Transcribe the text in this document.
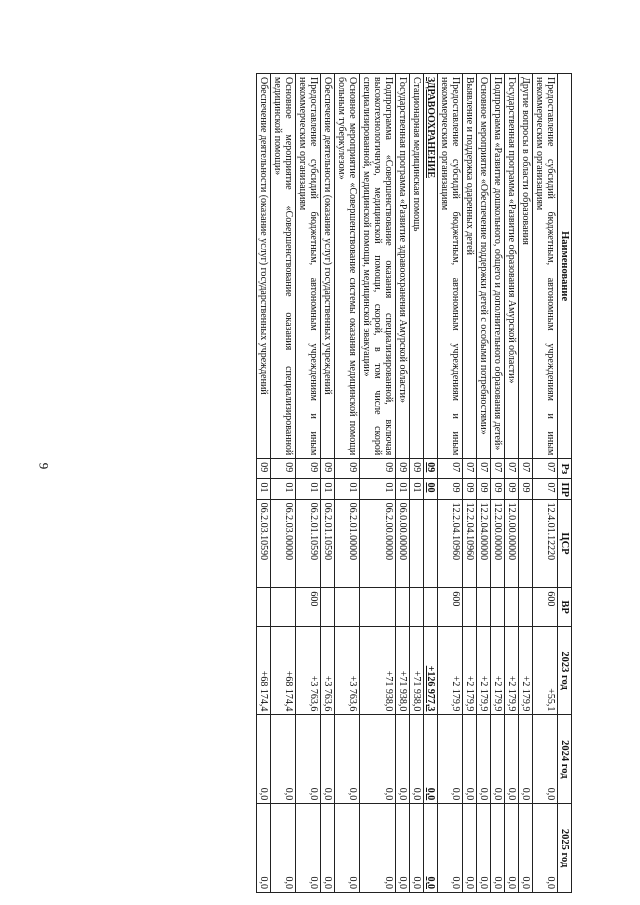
9
Наименование	Рз	ПР	ЦСР	ВР	2023 год	2024 год	2025 год
Предоставление субсидий бюджетным, автономным учреждениям и иным некоммерческим организациям	07	07	12.4.01.12220	600	+55,1	0,0	0,0
Другие вопросы в области образования	07	09			+2 179,9	0,0	0,0
Государственная программа «Развитие образования Амурской области»	07	09	12.0.00.00000		+2 179,9	0,0	0,0
Подпрограмма «Развитие дошкольного, общего и дополнительного образования детей»	07	09	12.2.00.00000		+2 179,9	0,0	0,0
Основное мероприятие «Обеспечение поддержки детей с особыми потребностями»	07	09	12.2.04.00000		+2 179,9	0,0	0,0
Выявление и поддержка одаренных детей	07	09	12.2.04.10960		+2 179,9	0,0	0,0
Предоставление субсидий бюджетным, автономным учреждениям и иным некоммерческим организациям	07	09	12.2.04.10960	600	+2 179,9	0,0	0,0
ЗДРАВООХРАНЕНИЕ	09	00			+126 977,3	0,0	0,0
Стационарная медицинская помощь	09	01			+71 938,0	0,0	0,0
Государственная программа «Развитие здравоохранения Амурской области»	09	01	06.0.00.00000		+71 938,0	0,0	0,0
Подпрограмма «Совершенствование оказания специализированной, включая высокотехнологичную, медицинской помощи, скорой, в том числе скорой специализированной, медицинской помощи, медицинской эвакуации»	09	01	06.2.00.00000		+71 938,0	0,0	0,0
Основное мероприятие «Совершенствование системы оказания медицинской помощи больным туберкулезом»	09	01	06.2.01.00000		+3 763,6	0,0	0,0
Обеспечение деятельности (оказание услуг) государственных учреждений	09	01	06.2.01.10590		+3 763,6	0,0	0,0
Предоставление субсидий бюджетным, автономным учреждениям и иным некоммерческим организациям	09	01	06.2.01.10590	600	+3 763,6	0,0	0,0
Основное мероприятие «Совершенствование оказания специализированной медицинской помощи»	09	01	06.2.03.00000		+68 174,4	0,0	0,0
Обеспечение деятельности (оказание услуг) государственных учреждений	09	01	06.2.03.10590		+68 174,4	0,0	0,0
